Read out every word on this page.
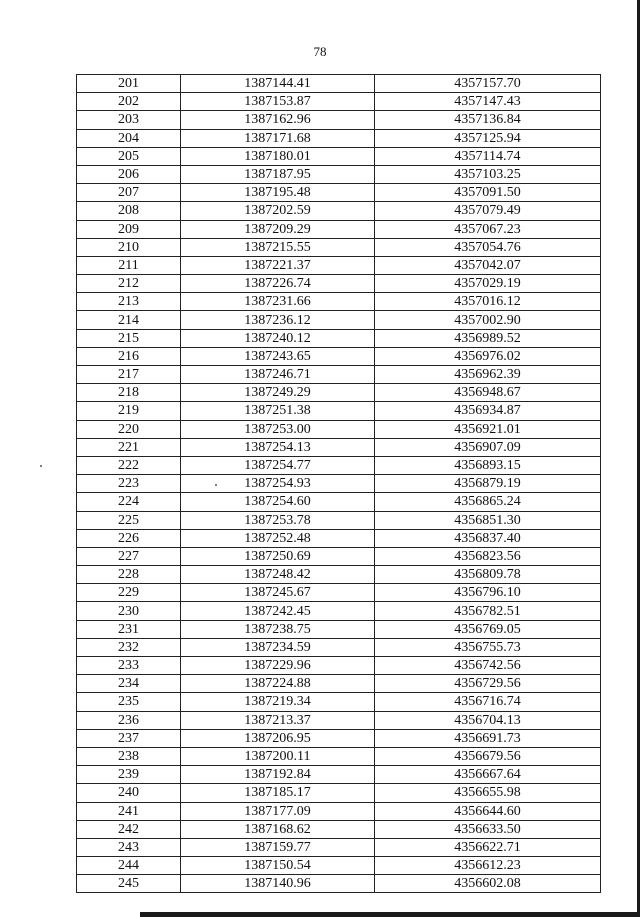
78
201	1387144.41	4357157.70
202	1387153.87	4357147.43
203	1387162.96	4357136.84
204	1387171.68	4357125.94
205	1387180.01	4357114.74
206	1387187.95	4357103.25
207	1387195.48	4357091.50
208	1387202.59	4357079.49
209	1387209.29	4357067.23
210	1387215.55	4357054.76
211	1387221.37	4357042.07
212	1387226.74	4357029.19
213	1387231.66	4357016.12
214	1387236.12	4357002.90
215	1387240.12	4356989.52
216	1387243.65	4356976.02
217	1387246.71	4356962.39
218	1387249.29	4356948.67
219	1387251.38	4356934.87
220	1387253.00	4356921.01
221	1387254.13	4356907.09
222	1387254.77	4356893.15
223	1387254.93	4356879.19
224	1387254.60	4356865.24
225	1387253.78	4356851.30
226	1387252.48	4356837.40
227	1387250.69	4356823.56
228	1387248.42	4356809.78
229	1387245.67	4356796.10
230	1387242.45	4356782.51
231	1387238.75	4356769.05
232	1387234.59	4356755.73
233	1387229.96	4356742.56
234	1387224.88	4356729.56
235	1387219.34	4356716.74
236	1387213.37	4356704.13
237	1387206.95	4356691.73
238	1387200.11	4356679.56
239	1387192.84	4356667.64
240	1387185.17	4356655.98
241	1387177.09	4356644.60
242	1387168.62	4356633.50
243	1387159.77	4356622.71
244	1387150.54	4356612.23
245	1387140.96	4356602.08
